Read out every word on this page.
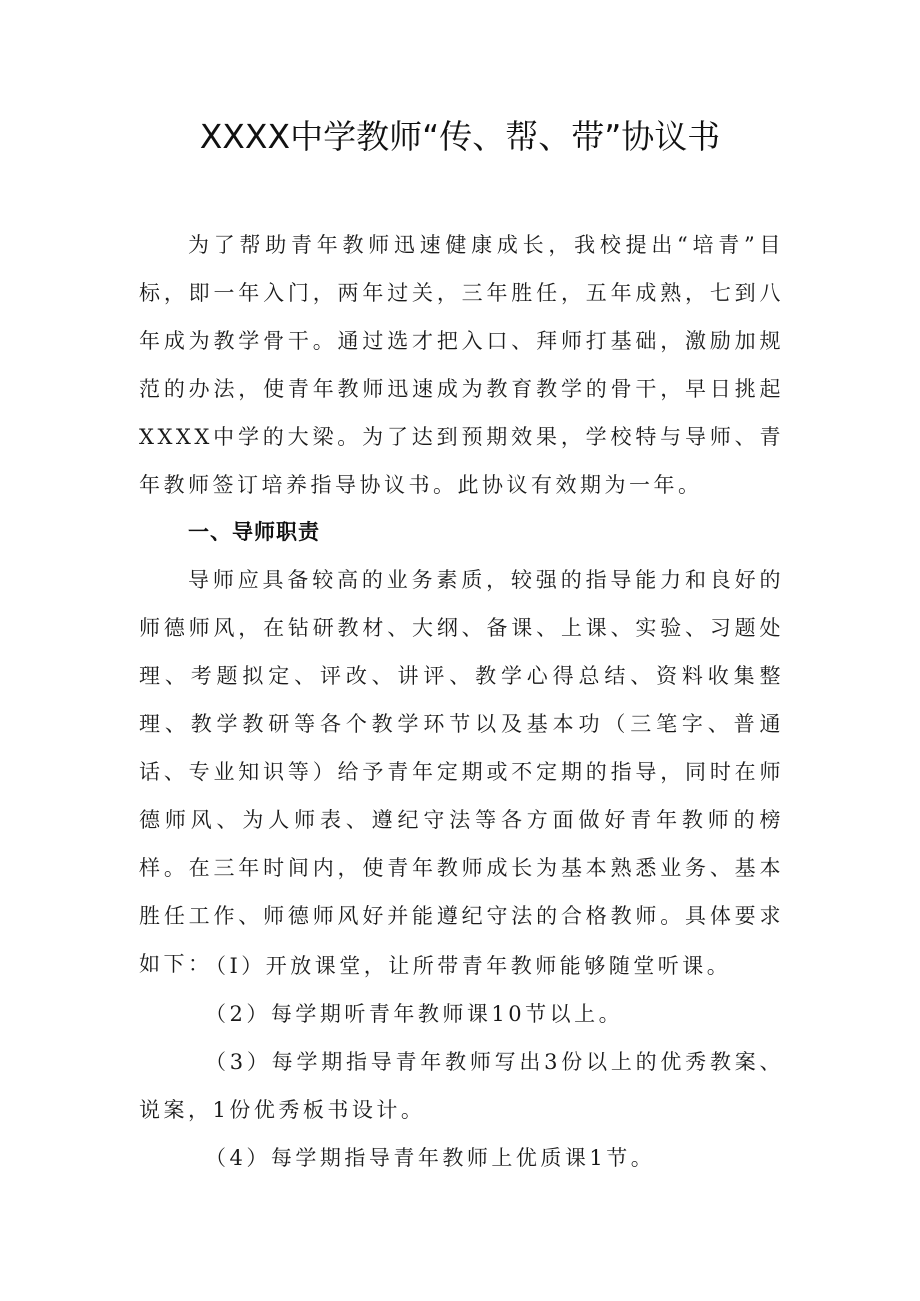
XXXX中学教师“传、帮、带”协议书

为了帮助青年教师迅速健康成长，我校提出“培青”目标，即一年入门，两年过关，三年胜任，五年成熟，七到八年成为教学骨干。通过选才把入口、拜师打基础，激励加规范的办法，使青年教师迅速成为教育教学的骨干，早日挑起XXXX中学的大梁。为了达到预期效果，学校特与导师、青年教师签订培养指导协议书。此协议有效期为一年。

一、导师职责

导师应具备较高的业务素质，较强的指导能力和良好的师德师风，在钻研教材、大纲、备课、上课、实验、习题处理、考题拟定、评改、讲评、教学心得总结、资料收集整理、教学教研等各个教学环节以及基本功（三笔字、普通话、专业知识等）给予青年定期或不定期的指导，同时在师德师风、为人师表、遵纪守法等各方面做好青年教师的榜样。在三年时间内，使青年教师成长为基本熟悉业务、基本胜任工作、师德师风好并能遵纪守法的合格教师。具体要求如下：

（I）开放课堂，让所带青年教师能够随堂听课。

（2）每学期听青年教师课10节以上。

（3）每学期指导青年教师写出3份以上的优秀教案、说案，1份优秀板书设计。

（4）每学期指导青年教师上优质课1节。
